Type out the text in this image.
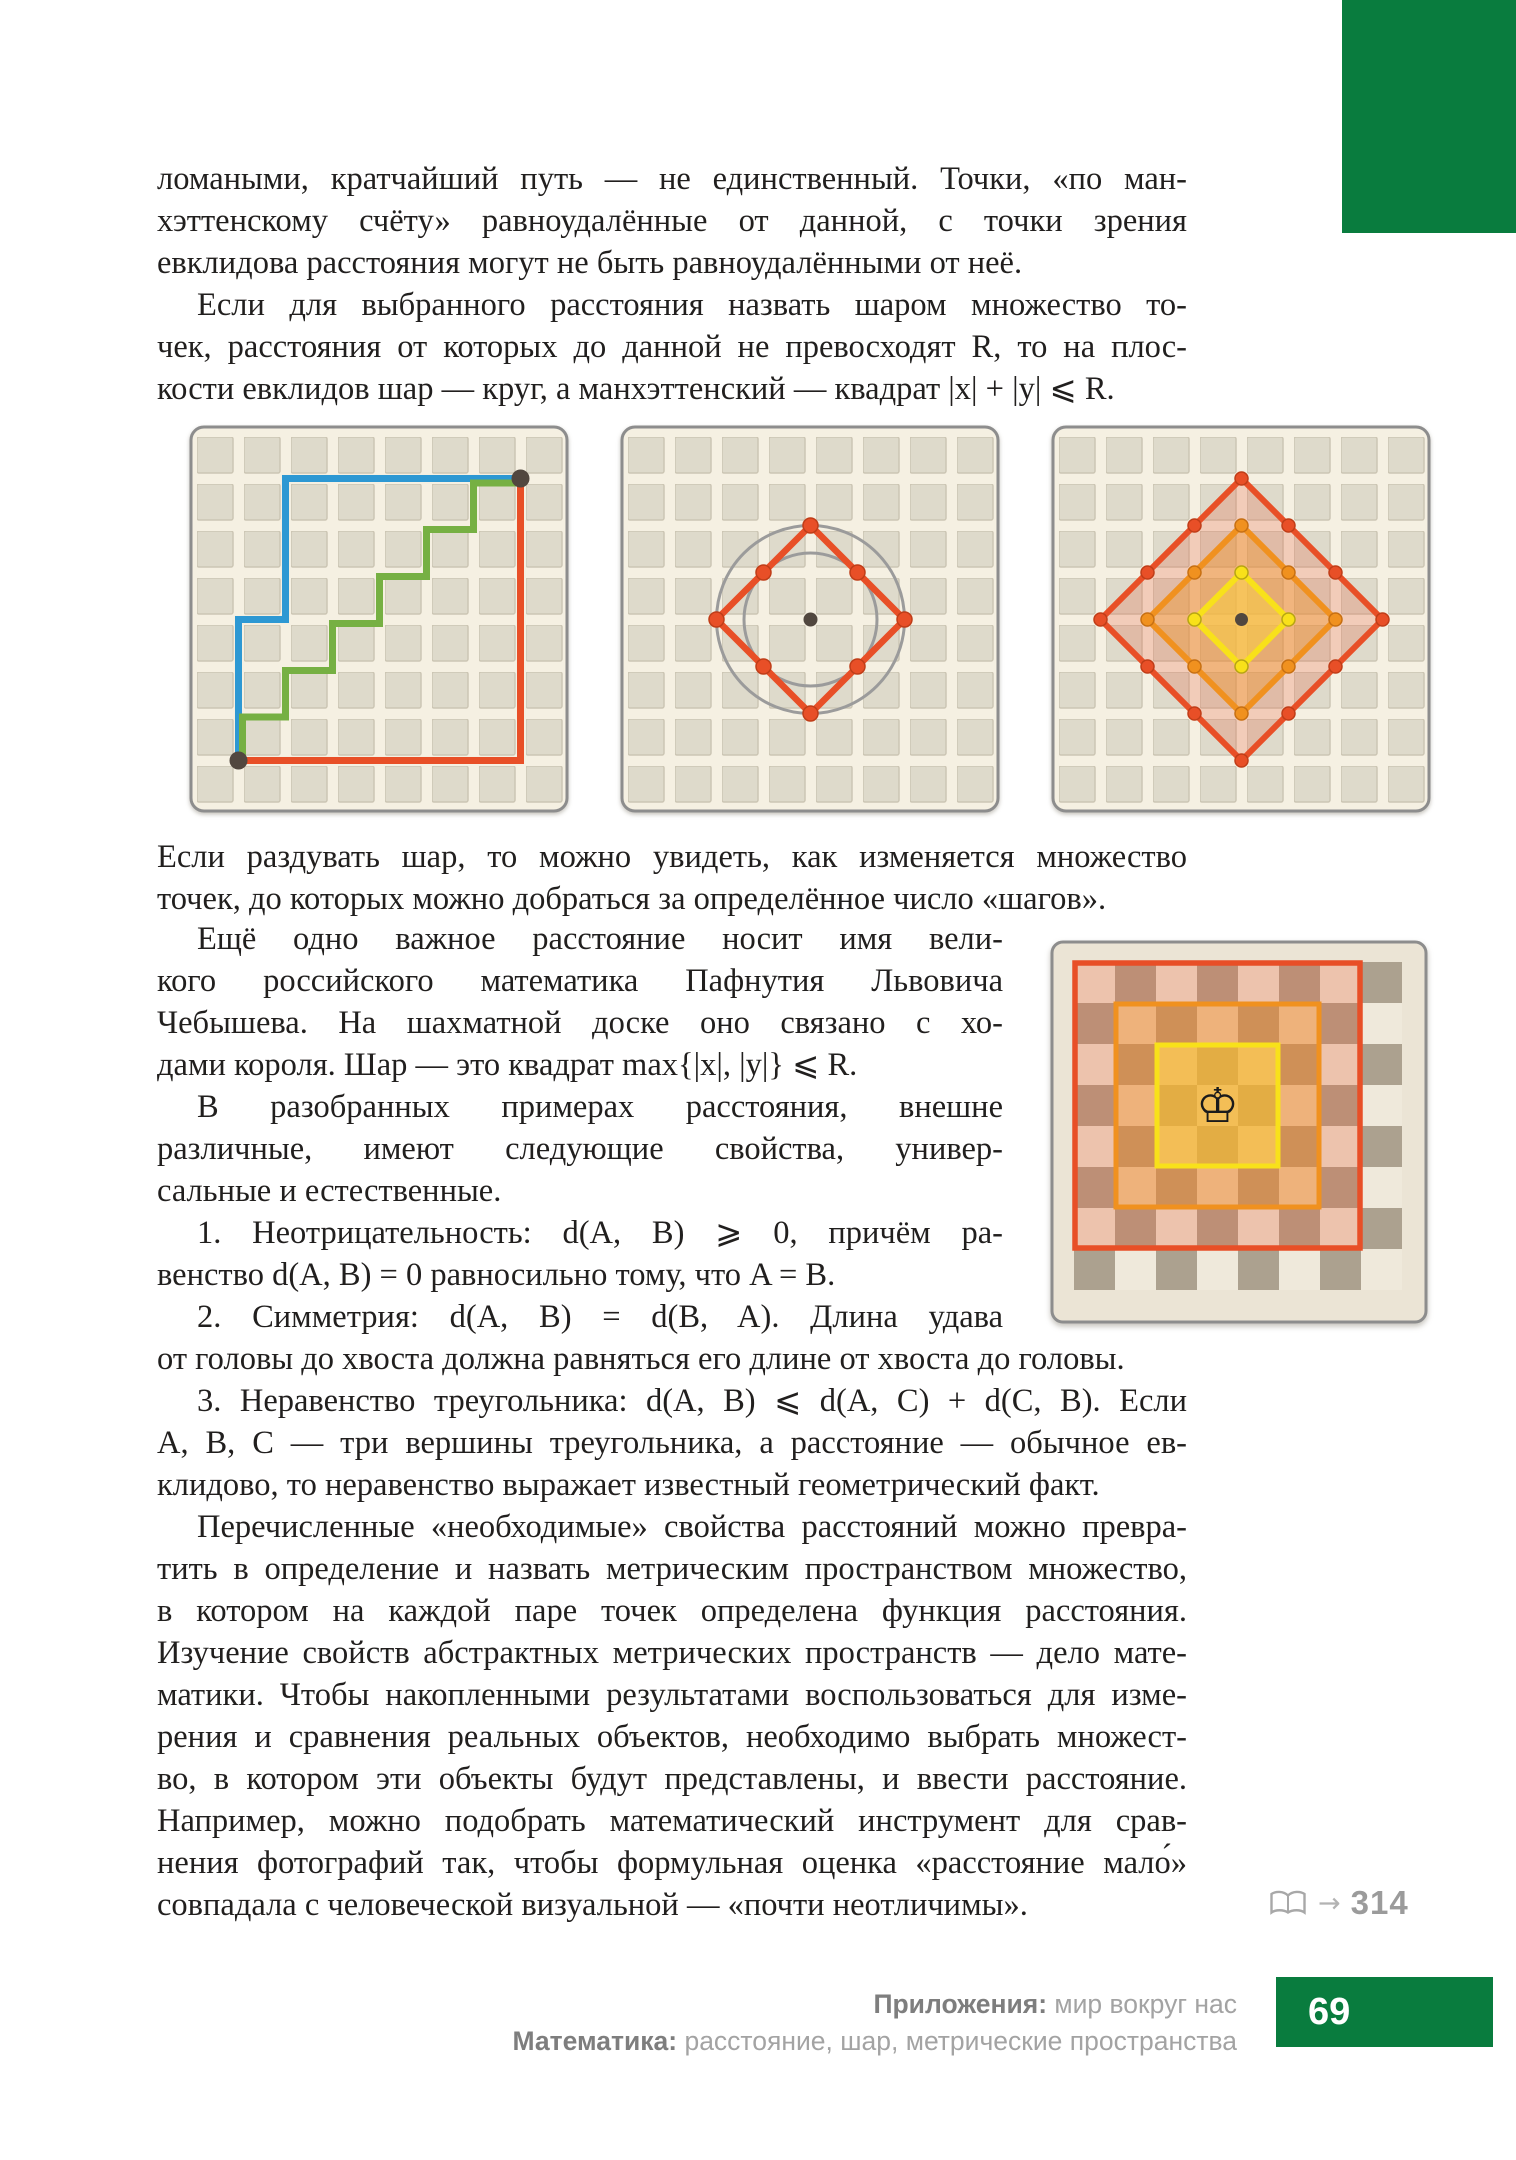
ломаными, кратчайший путь — не единственный. Точки, «по ман-
хэттенскому счёту» равноудалённые от данной, с точки зрения
евклидова расстояния могут не быть равноудалёнными от неё.
Если для выбранного расстояния назвать шаром множество то-
чек, расстояния от которых до данной не превосходят R, то на плос-
кости евклидов шар — круг, а манхэттенский — квадрат |x| + |y| ⩽ R.
Если раздувать шар, то можно увидеть, как изменяется множество
точек, до которых можно добраться за определённое число «шагов».
Ещё одно важное расстояние носит имя вели-
кого российского математика Пафнутия Львовича
Чебышева. На шахматной доске оно связано с хо-
дами короля. Шар — это квадрат max{|x|, |y|} ⩽ R.
В разобранных примерах расстояния, внешне
различные, имеют следующие свойства, универ-
сальные и естественные.
1. Неотрицательность: d(A, B) ⩾ 0, причём ра-
венство d(A, B) = 0 равносильно тому, что A = B.
2. Симметрия: d(A, B) = d(B, A). Длина удава
♔
от головы до хвоста должна равняться его длине от хвоста до головы.
3. Неравенство треугольника: d(A, B) ⩽ d(A, C) + d(C, B). Если
A, B, C — три вершины треугольника, а расстояние — обычное ев-
клидово, то неравенство выражает известный геометрический факт.
Перечисленные «необходимые» свойства расстояний можно превра-
тить в определение и назвать метрическим пространством множество,
в котором на каждой паре точек определена функция расстояния.
Изучение свойств абстрактных метрических пространств — дело мате-
матики. Чтобы накопленными результатами воспользоваться для изме-
рения и сравнения реальных объектов, необходимо выбрать множест-
во, в котором эти объекты будут представлены, и ввести расстояние.
Например, можно подобрать математический инструмент для срав-
нения фотографий так, чтобы формульная оценка «расстояние мало́»
совпадала с человеческой визуальной — «почти неотличимы».	→ 314
Приложения: мир вокруг нас
Математика: расстояние, шар, метрические пространства
69
